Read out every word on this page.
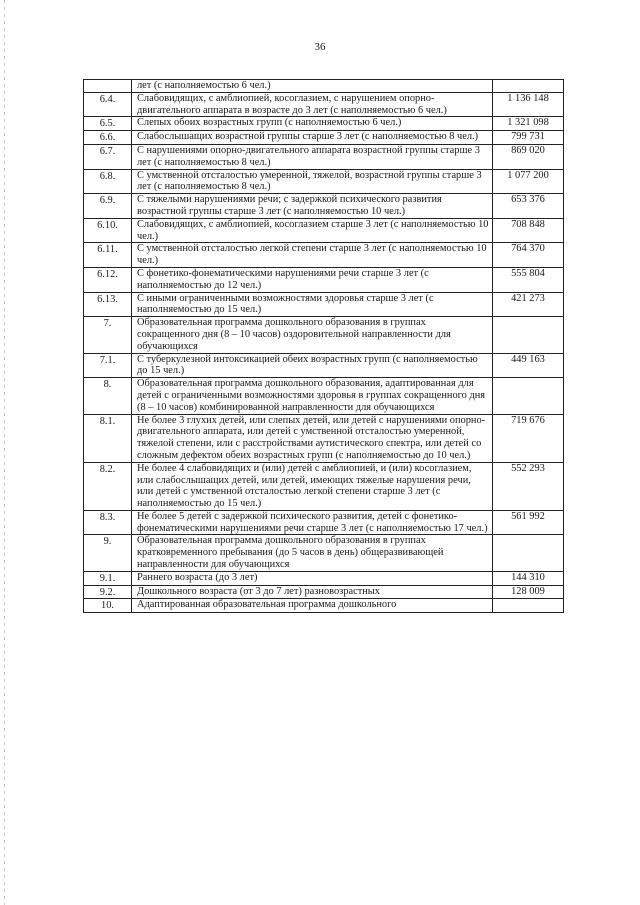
36
	лет (с наполняемостью 6 чел.)	
6.4.	Слабовидящих, с амблиопией, косоглазием, с нарушением опорно-двигательного аппарата в возрасте до 3 лет (с наполняемостью 6 чел.)	1 136 148
6.5.	Слепых обоих возрастных групп (с наполняемостью 6 чел.)	1 321 098
6.6.	Слабослышащих возрастной группы старше 3 лет (с наполняемостью 8 чел.)	799 731
6.7.	С нарушениями опорно-двигательного аппарата возрастной группы старше 3 лет (с наполняемостью 8 чел.)	869 020
6.8.	С умственной отсталостью умеренной, тяжелой, возрастной группы старше 3 лет (с наполняемостью 8 чел.)	1 077 200
6.9.	С тяжелыми нарушениями речи; с задержкой психического развития возрастной группы старше 3 лет (с наполняемостью 10 чел.)	653 376
6.10.	Слабовидящих, с амблиопией, косоглазием старше 3 лет (с наполняемостью 10 чел.)	708 848
6.11.	С умственной отсталостью легкой степени старше 3 лет (с наполняемостью 10 чел.)	764 370
6.12.	С фонетико-фонематическими нарушениями речи старше 3 лет (с наполняемостью до 12 чел.)	555 804
6.13.	С иными ограниченными возможностями здоровья старше 3 лет (с наполняемостью до 15 чел.)	421 273
7.	Образовательная программа дошкольного образования в группах сокращенного дня (8 – 10 часов) оздоровительной направленности для обучающихся	
7.1.	С туберкулезной интоксикацией обеих возрастных групп (с наполняемостью до 15 чел.)	449 163
8.	Образовательная программа дошкольного образования, адаптированная для детей с ограниченными возможностями здоровья в группах сокращенного дня (8 – 10 часов) комбинированной направленности для обучающихся	
8.1.	Не более 3 глухих детей, или слепых детей, или детей с нарушениями опорно-двигательного аппарата, или детей с умственной отсталостью умеренной, тяжелой степени, или с расстройствами аутистического спектра, или детей со сложным дефектом обеих возрастных групп (с наполняемостью до 10 чел.)	719 676
8.2.	Не более 4 слабовидящих и (или) детей с амблиопией, и (или) косоглазием, или слабослышащих детей, или детей, имеющих тяжелые нарушения речи, или детей с умственной отсталостью легкой степени старше 3 лет (с наполняемостью до 15 чел.)	552 293
8.3.	Не более 5 детей с задержкой психического развития, детей с фонетико-фонематическими нарушениями речи старше 3 лет (с наполняемостью 17 чел.)	561 992
9.	Образовательная программа дошкольного образования в группах кратковременного пребывания (до 5 часов в день) общеразвивающей направленности для обучающихся	
9.1.	Раннего возраста (до 3 лет)	144 310
9.2.	Дошкольного возраста (от 3 до 7 лет) разновозрастных	128 009
10.	Адаптированная образовательная программа дошкольного	
